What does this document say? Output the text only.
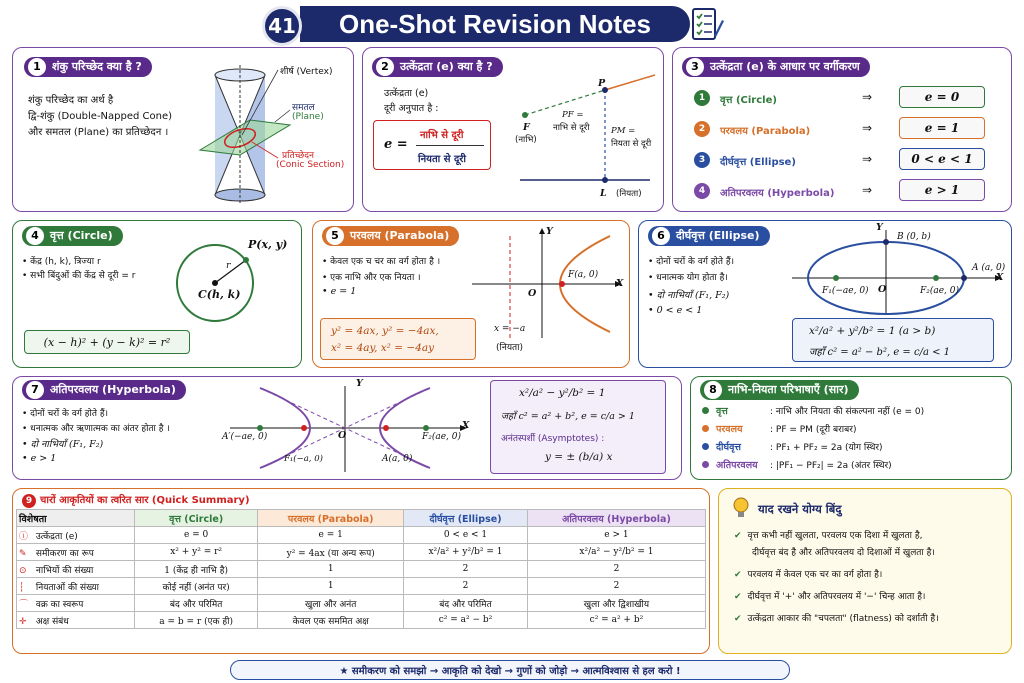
One-Shot Revision Notes
41
1	शंकु परिच्छेद क्या है ?
शंकु परिच्छेद का अर्थ है
द्वि-शंकु (Double-Napped Cone)
और समतल (Plane) का प्रतिच्छेदन ।
शीर्ष (Vertex)
समतल
(Plane)
प्रतिच्छेदन
(Conic Section)
2	उत्केंद्रता (e) क्या है ?
उत्केंद्रता (e)
दूरी अनुपात है :
e =
नाभि से दूरी
नियता से दूरी
P
F
(नाभि)
PF =
नाभि से दूरी	PM =
नियता से दूरी
L (नियता)
3	उत्केंद्रता (e) के आधार पर वर्गीकरण
1	वृत्त (Circle)	⇒	e = 0
2	परवलय (Parabola)	⇒	e = 1
3	दीर्घवृत्त (Ellipse)	⇒	0 < e < 1
4	अतिपरवलय (Hyperbola) ⇒	e > 1
4	वृत्त (Circle)
• केंद्र (h, k), त्रिज्या r
• सभी बिंदुओं की केंद्र से दूरी = r
P(x, y)
r
C(h, k)
(x − h)² + (y − k)² = r²
5	परवलय (Parabola)
• केवल एक च चर का वर्ग होता है ।
• एक नाभि और एक नियता ।
• e = 1
y² = 4ax, y² = −4ax,
x² = 4ay, x² = −4ay
Y
X
O
F(a, 0)
x = −a
(नियता)
6	दीर्घवृत्त (Ellipse)
• दोनों चरों के वर्ग होते हैं।
• धनात्मक योग होता है।
• दो नाभियाँ (F₁, F₂)
• 0 < e < 1
Y
X
O
B (0, b)
A (a, 0)
F₁(−ae, 0)	F₂(ae, 0)
x²/a² + y²/b² = 1 (a > b)
जहाँ c² = a² − b², e = c/a < 1
7	अतिपरवलय (Hyperbola)
• दोनों चरों के वर्ग होते हैं।
• धनात्मक और ऋणात्मक का अंतर होता है ।
• दो नाभियाँ (F₁, F₂)
• e > 1
Y
X
O
A′(−ae, 0)
F₁(−a, 0)	A(a, 0)
F₂(ae, 0)
x²/a² − y²/b² = 1
जहाँ c² = a² + b², e = c/a > 1
अनंतस्पर्शी (Asymptotes) :
y = ± (b/a) x
8	नाभि-नियता परिभाषाएँ (सार)
वृत्त	: नाभि और नियता की संकल्पना नहीं (e = 0)
परवलय	: PF = PM (दूरी बराबर)
दीर्घवृत्त	: PF₁ + PF₂ = 2a (योग स्थिर)
अतिपरवलय : |PF₁ − PF₂| = 2a (अंतर स्थिर)
9 चारों आकृतियों का त्वरित सार (Quick Summary)
विशेषता	वृत्त (Circle)	परवलय (Parabola)	दीर्घवृत्त (Ellipse)	अतिपरवलय (Hyperbola)
ⓘ उत्केंद्रता (e)	e = 0	e = 1	0 < e < 1	e > 1
✎ समीकरण का रूप	x² + y² = r²	y² = 4ax (या अन्य रूप)	x²/a² + y²/b² = 1	x²/a² − y²/b² = 1
⊙ नाभियों की संख्या	1 (केंद्र ही नाभि है)	1	2	2
┆ नियताओं की संख्या	कोई नहीं (अनंत पर)	1	2	2
⌒ वक्र का स्वरूप	बंद और परिमित	खुला और अनंत	बंद और परिमित	खुला और द्विशाखीय
✛ अक्ष संबंध	a = b = r (एक ही)	केवल एक सममित अक्ष	c² = a² − b²	c² = a² + b²
याद रखने योग्य बिंदु
✔ वृत्त कभी नहीं खुलता, परवलय एक दिशा में खुलता है,
दीर्घवृत्त बंद है और अतिपरवलय दो दिशाओं में खुलता है।
✔ परवलय में केवल एक चर का वर्ग होता है।
✔ दीर्घवृत्त में '+' और अतिपरवलय में '−' चिन्ह आता है।
✔ उत्केंद्रता आकार की "चपलता" (flatness) को दर्शाती है।
★ समीकरण को समझो → आकृति को देखो → गुणों को जोड़ो → आत्मविश्वास से हल करो !
